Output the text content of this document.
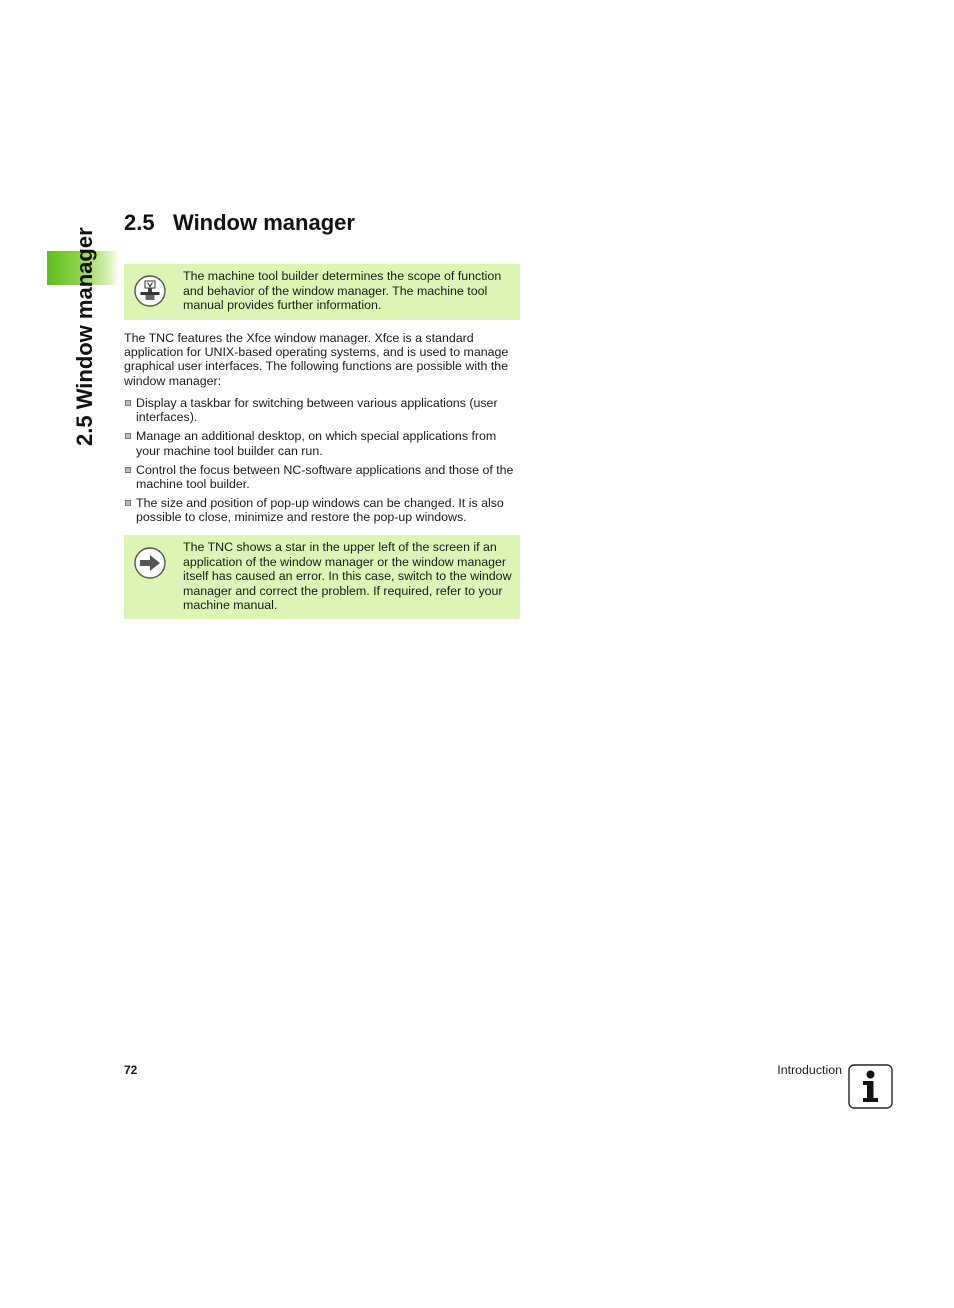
2.5 Window manager
2.5 Window manager
The machine tool builder determines the scope of function and behavior of the window manager. The machine tool manual provides further information.

The TNC features the Xfce window manager. Xfce is a standard application for UNIX-based operating systems, and is used to manage graphical user interfaces. The following functions are possible with the window manager:

Display a taskbar for switching between various applications (user interfaces).
Manage an additional desktop, on which special applications from your machine tool builder can run.
Control the focus between NC-software applications and those of the machine tool builder.
The size and position of pop-up windows can be changed. It is also possible to close, minimize and restore the pop-up windows.
The TNC shows a star in the upper left of the screen if an application of the window manager or the window manager itself has caused an error. In this case, switch to the window manager and correct the problem. If required, refer to your machine manual.
72	Introduction
